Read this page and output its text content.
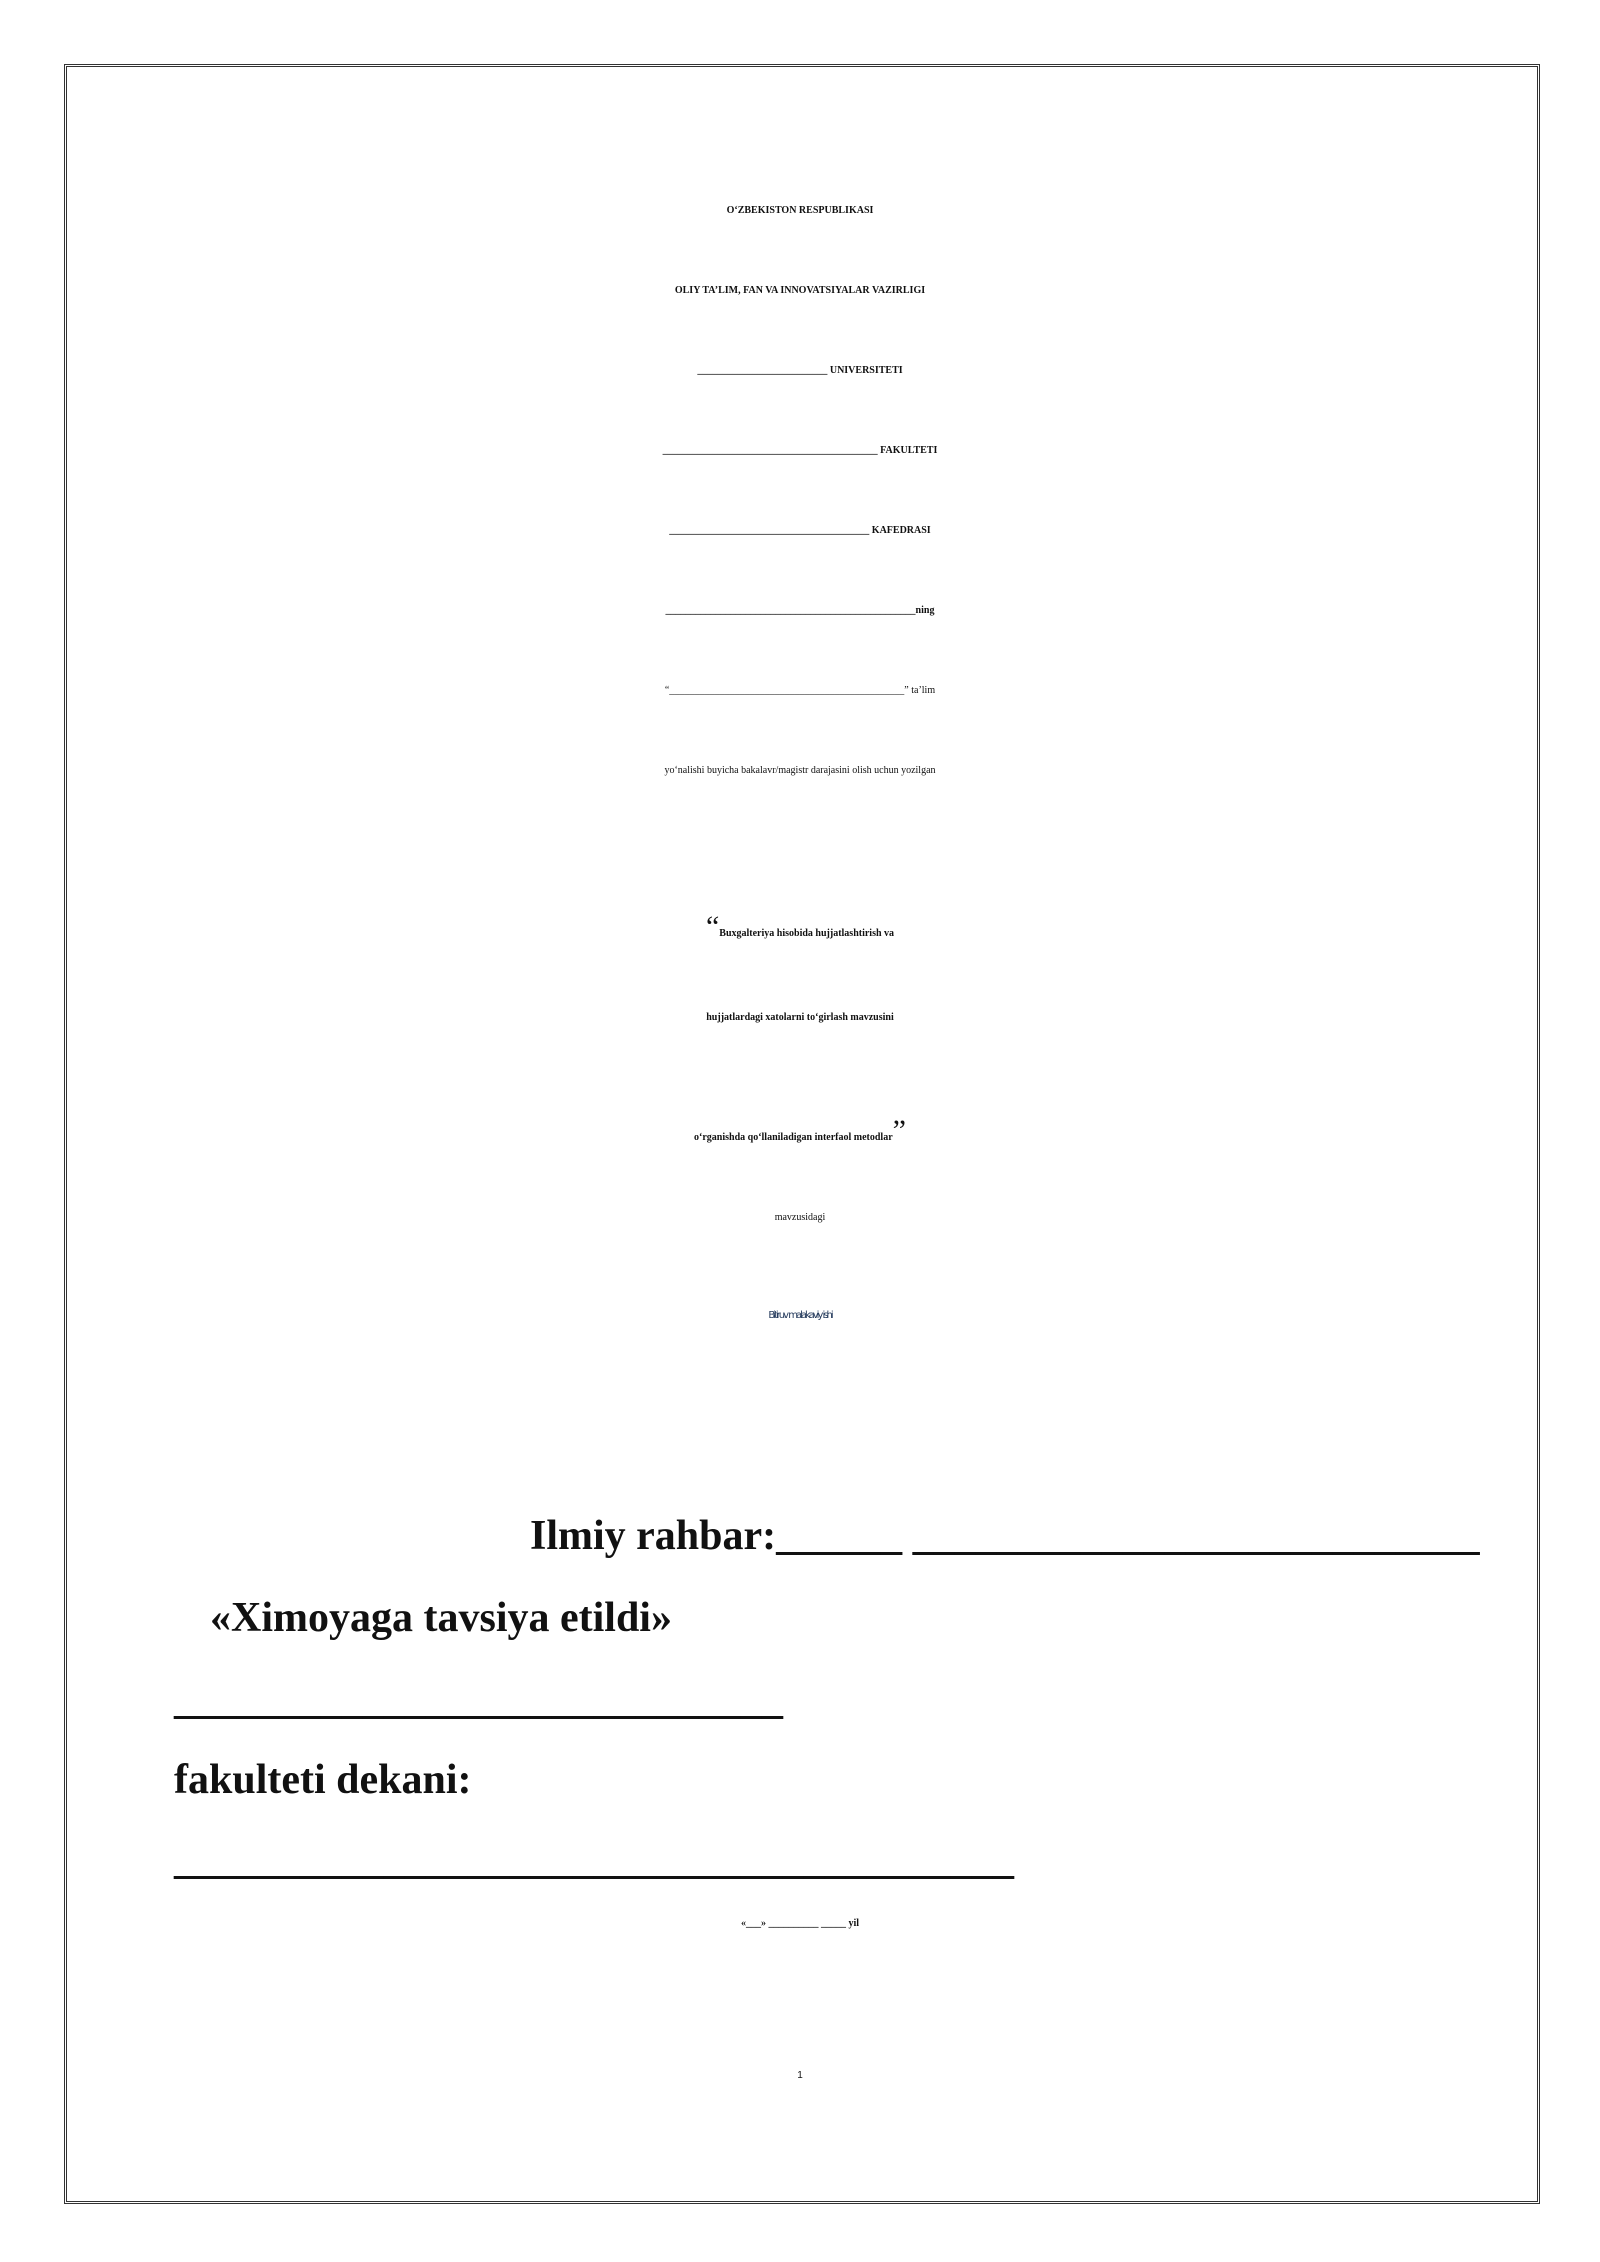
O‘ZBEKISTON RESPUBLIKASI
OLIY TA’LIM, FAN VA INNOVATSIYALAR VAZIRLIGI
__________________________ UNIVERSITETI
___________________________________________ FAKULTETI
________________________________________ KAFEDRASI
__________________________________________________ning
“_______________________________________________” ta’lim
yo‘nalishi buyicha bakalavr/magistr darajasini olish uchun yozilgan
“Buxgalteriya hisobida hujjatlashtirish va
hujjatlardagi xatolarni to‘girlash mavzusini
o‘rganishda qo‘llaniladigan interfaol metodlar”
mavzusidagi
Bitiruv malakaviy ishi
Ilmiy rahbar:______ ___________________________
«Ximoyaga tavsiya etildi»
_____________________________
fakulteti dekani:
________________________________________
«___» __________ _____ yil
1
